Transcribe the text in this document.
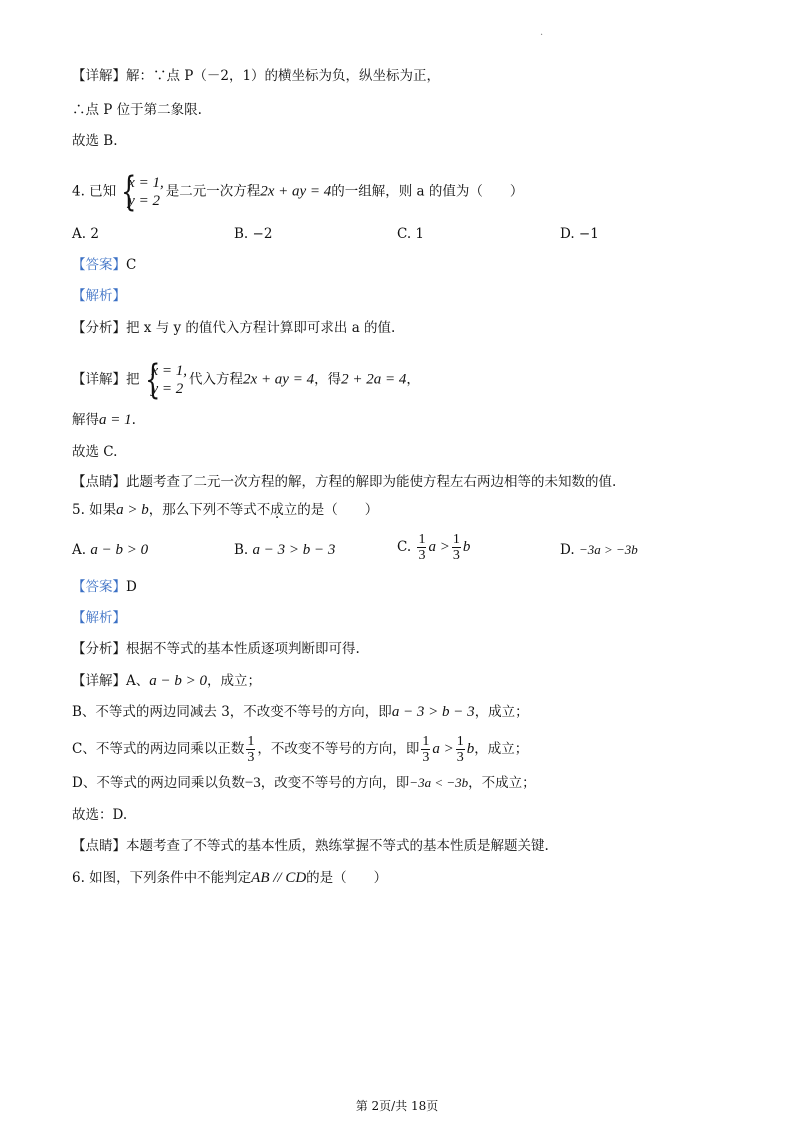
·
【详解】解：∵点 P（－2，1）的横坐标为负，纵坐标为正，
∴点 P 位于第二象限.
故选 B.
4. 已知 {
x = 1,
y = 2
是二元一次方程2x + ay = 4的一组解，则 a 的值为（　　）
A. 2	B. −2	C. 1	D. −1
【答案】C
【解析】
【分析】把 x 与 y 的值代入方程计算即可求出 a 的值.
【详解】把 {
x = 1,
y = 2
代入方程2x + ay = 4，得2 + 2a = 4，
解得a = 1.
故选 C.
【点睛】此题考查了二元一次方程的解，方程的解即为能使方程左右两边相等的未知数的值.
5. 如果a > b，那么下列不等式不成立的是（　　）
A. a − b > 0	B. a − 3 > b − 3	C. $\frac{1}{3}$ $a > \frac{1}{3}$ b	D. −3a > −3b
【答案】D
【解析】
【分析】根据不等式的基本性质逐项判断即可得.
【详解】A、a − b > 0，成立；
B、不等式的两边同减去 3，不改变不等号的方向，即a − 3 > b − 3，成立；
C、不等式的两边同乘以正数 $\frac{1}{3}$ ，不改变不等号的方向，即 $\frac{1}{3}$ $a > \frac{1}{3}$ b，成立；
D、不等式的两边同乘以负数−3，改变不等号的方向，即−3a < −3b，不成立；
故选：D.
【点睛】本题考查了不等式的基本性质，熟练掌握不等式的基本性质是解题关键.
6. 如图，下列条件中不能判定AB // CD的是（　　）
第 2页/共 18页
